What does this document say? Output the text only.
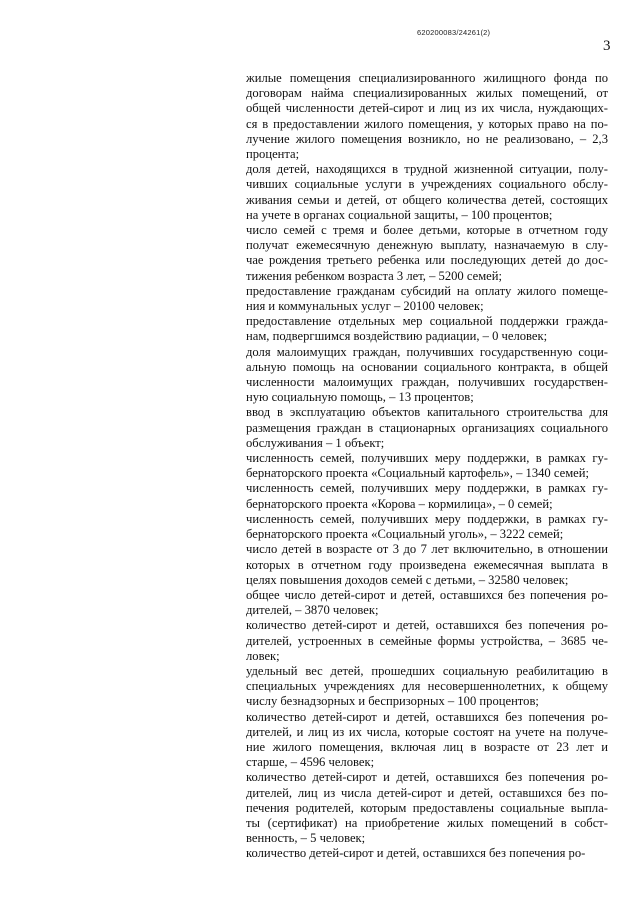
620200083/24261(2)
3
жилые помещения специализированного жилищного фонда по
договорам найма специализированных жилых помещений, от
общей численности детей-сирот и лиц из их числа, нуждающих-
ся в предоставлении жилого помещения, у которых право на по-
лучение жилого помещения возникло, но не реализовано, – 2,3
процента;
доля детей, находящихся в трудной жизненной ситуации, полу-
чивших социальные услуги в учреждениях социального обслу-
живания семьи и детей, от общего количества детей, состоящих
на учете в органах социальной защиты, – 100 процентов;
число семей с тремя и более детьми, которые в отчетном году
получат ежемесячную денежную выплату, назначаемую в слу-
чае рождения третьего ребенка или последующих детей до дос-
тижения ребенком возраста 3 лет, – 5200 семей;
предоставление гражданам субсидий на оплату жилого помеще-
ния и коммунальных услуг – 20100 человек;
предоставление отдельных мер социальной поддержки гражда-
нам, подвергшимся воздействию радиации, – 0 человек;
доля малоимущих граждан, получивших государственную соци-
альную помощь на основании социального контракта, в общей
численности малоимущих граждан, получивших государствен-
ную социальную помощь, – 13 процентов;
ввод в эксплуатацию объектов капитального строительства для
размещения граждан в стационарных организациях социального
обслуживания – 1 объект;
численность семей, получивших меру поддержки, в рамках гу-
бернаторского проекта «Социальный картофель», – 1340 семей;
численность семей, получивших меру поддержки, в рамках гу-
бернаторского проекта «Корова – кормилица», – 0 семей;
численность семей, получивших меру поддержки, в рамках гу-
бернаторского проекта «Социальный уголь», – 3222 семей;
число детей в возрасте от 3 до 7 лет включительно, в отношении
которых в отчетном году произведена ежемесячная выплата в
целях повышения доходов семей с детьми, – 32580 человек;
общее число детей-сирот и детей, оставшихся без попечения ро-
дителей, – 3870 человек;
количество детей-сирот и детей, оставшихся без попечения ро-
дителей, устроенных в семейные формы устройства, – 3685 че-
ловек;
удельный вес детей, прошедших социальную реабилитацию в
специальных учреждениях для несовершеннолетних, к общему
числу безнадзорных и беспризорных – 100 процентов;
количество детей-сирот и детей, оставшихся без попечения ро-
дителей, и лиц из их числа, которые состоят на учете на получе-
ние жилого помещения, включая лиц в возрасте от 23 лет и
старше, – 4596 человек;
количество детей-сирот и детей, оставшихся без попечения ро-
дителей, лиц из числа детей-сирот и детей, оставшихся без по-
печения родителей, которым предоставлены социальные выпла-
ты (сертификат) на приобретение жилых помещений в собст-
венность, – 5 человек;
количество детей-сирот и детей, оставшихся без попечения ро-
